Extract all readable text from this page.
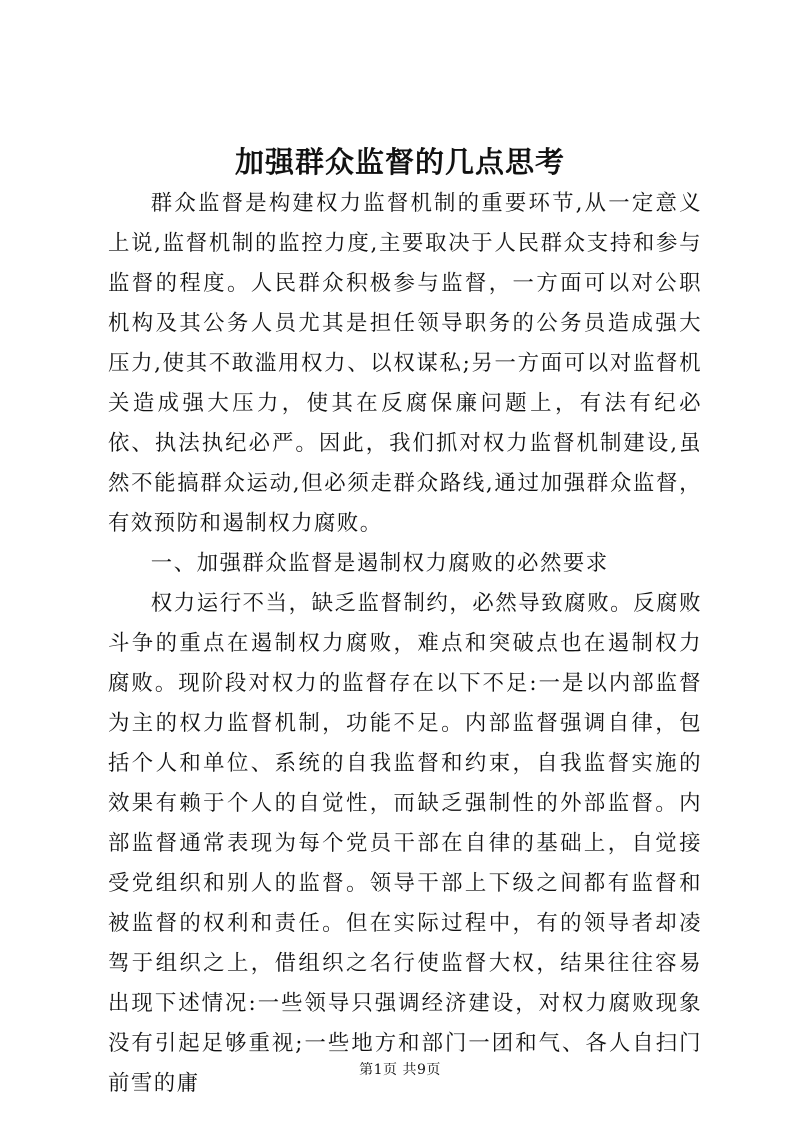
加强群众监督的几点思考

群众监督是构建权力监督机制的重要环节,从一定意义上说,监督机制的监控力度,主要取决于人民群众支持和参与监督的程度。人民群众积极参与监督，一方面可以对公职机构及其公务人员尤其是担任领导职务的公务员造成强大压力,使其不敢滥用权力、以权谋私;另一方面可以对监督机关造成强大压力，使其在反腐保廉问题上，有法有纪必依、执法执纪必严。因此，我们抓对权力监督机制建设,虽然不能搞群众运动,但必须走群众路线,通过加强群众监督，有效预防和遏制权力腐败。

一、加强群众监督是遏制权力腐败的必然要求

权力运行不当，缺乏监督制约，必然导致腐败。反腐败斗争的重点在遏制权力腐败，难点和突破点也在遏制权力腐败。现阶段对权力的监督存在以下不足:一是以内部监督为主的权力监督机制，功能不足。内部监督强调自律，包括个人和单位、系统的自我监督和约束，自我监督实施的效果有赖于个人的自觉性，而缺乏强制性的外部监督。内部监督通常表现为每个党员干部在自律的基础上，自觉接受党组织和别人的监督。领导干部上下级之间都有监督和被监督的权利和责任。但在实际过程中，有的领导者却凌驾于组织之上，借组织之名行使监督大权，结果往往容易出现下述情况:一些领导只强调经济建设，对权力腐败现象没有引起足够重视;一些地方和部门一团和气、各人自扫门前雪的庸

第1页 共9页
